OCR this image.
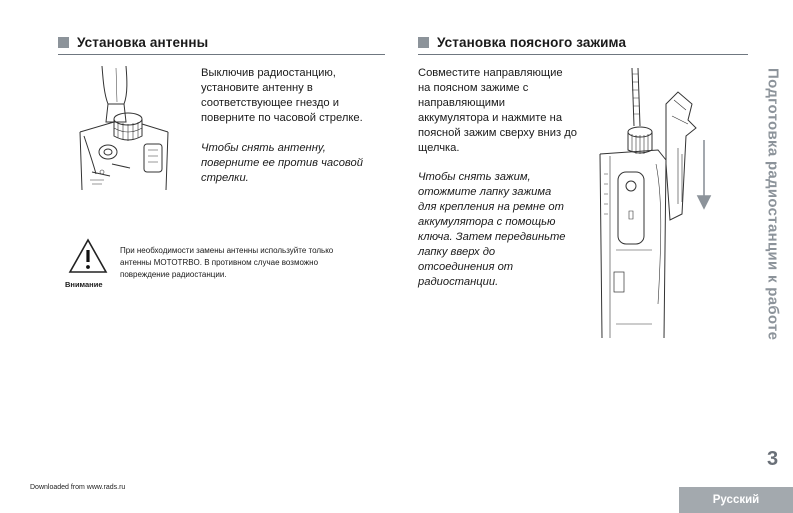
Установка антенны

Выключив радиостанцию, установите антенну в соответствующее гнездо и поверните по часовой стрелке.

Чтобы снять антенну, поверните ее против часовой стрелки.

Внимание

При необходимости замены антенны используйте только антенны MOTOTRBO. В противном случае возможно повреждение радиостанции.

Установка поясного зажима

Совместите направляющие на поясном зажиме с направляющими аккумулятора и нажмите на поясной зажим сверху вниз до щелчка.

Чтобы снять зажим, отожмите лапку зажима для крепления на ремне от аккумулятора с помощью ключа. Затем передвиньте лапку вверх до отсоединения от радиостанции.	Подготовка радиостанции к работе
3
Русский
Downloaded from www.rads.ru
